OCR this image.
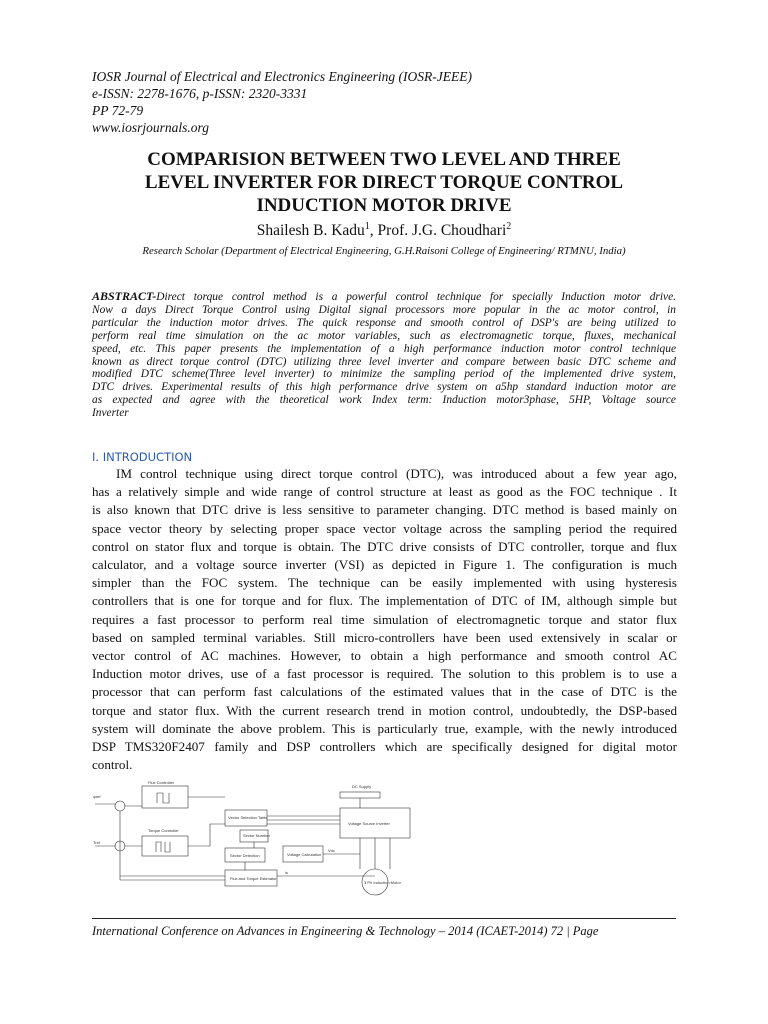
IOSR Journal of Electrical and Electronics Engineering (IOSR-JEEE)
e-ISSN: 2278-1676, p-ISSN: 2320-3331
PP 72-79
www.iosrjournals.org
COMPARISION BETWEEN TWO LEVEL AND THREE
LEVEL INVERTER FOR DIRECT TORQUE CONTROL
INDUCTION MOTOR DRIVE
Shailesh B. Kadu$^1$, Prof. J.G. Choudhari$^2$
Research Scholar (Department of Electrical Engineering, G.H.Raisoni College of Engineering/ RTMNU, India)
ABSTRACT-Direct torque control method is a powerful control technique for specially Induction motor drive.
Now a days Direct Torque Control using Digital signal processors more popular in the ac motor control, in
particular the induction motor drives. The quick response and smooth control of DSP's are being utilized to
perform real time simulation on the ac motor variables, such as electromagnetic torque, fluxes, mechanical
speed, etc. This paper presents the implementation of a high performance induction motor control technique
known as direct torque control (DTC) utilizing three level inverter and compare between basic DTC scheme and
modified DTC scheme(Three level inverter) to minimize the sampling period of the implemented drive system,
DTC drives. Experimental results of this high performance drive system on a5hp standard induction motor are
as expected and agree with the theoretical work Index term: Induction motor3phase, 5HP, Voltage source
Inverter
I. INTRODUCTION
IM control technique using direct torque control (DTC), was introduced about a few year ago,
has a relatively simple and wide range of control structure at least as good as the FOC technique . It
is also known that DTC drive is less sensitive to parameter changing. DTC method is based mainly on
space vector theory by selecting proper space vector voltage across the sampling period the required
control on stator flux and torque is obtain. The DTC drive consists of DTC controller, torque and flux
calculator, and a voltage source inverter (VSI) as depicted in Figure 1. The configuration is much
simpler than the FOC system. The technique can be easily implemented with using hysteresis
controllers that is one for torque and for flux. The implementation of DTC of IM, although simple but
requires a fast processor to perform real time simulation of electromagnetic torque and stator flux
based on sampled terminal variables. Still micro-controllers have been used extensively in scalar or
vector control of AC machines. However, to obtain a high performance and smooth control AC
Induction motor drives, use of a fast processor is required. The solution to this problem is to use a
processor that can perform fast calculations of the estimated values that in the case of DTC is the
torque and stator flux. With the current research trend in motion control, undoubtedly, the DSP-based
system will dominate the above problem. This is particularly true, example, with the newly introduced
DSP TMS320F2407 family and DSP controllers which are specifically designed for digital motor
control.
Flux Controller
Torque Controller
ψref
Tref
Vector Selection Table
Sector Number
Sector Detection	Voltage Calculation
Flux and Torque Estimator
DC Supply
Voltage Source Inverter
3 Ph Induction Motor
Vdc
is
International Conference on Advances in Engineering & Technology – 2014 (ICAET-2014) 72 | Page
